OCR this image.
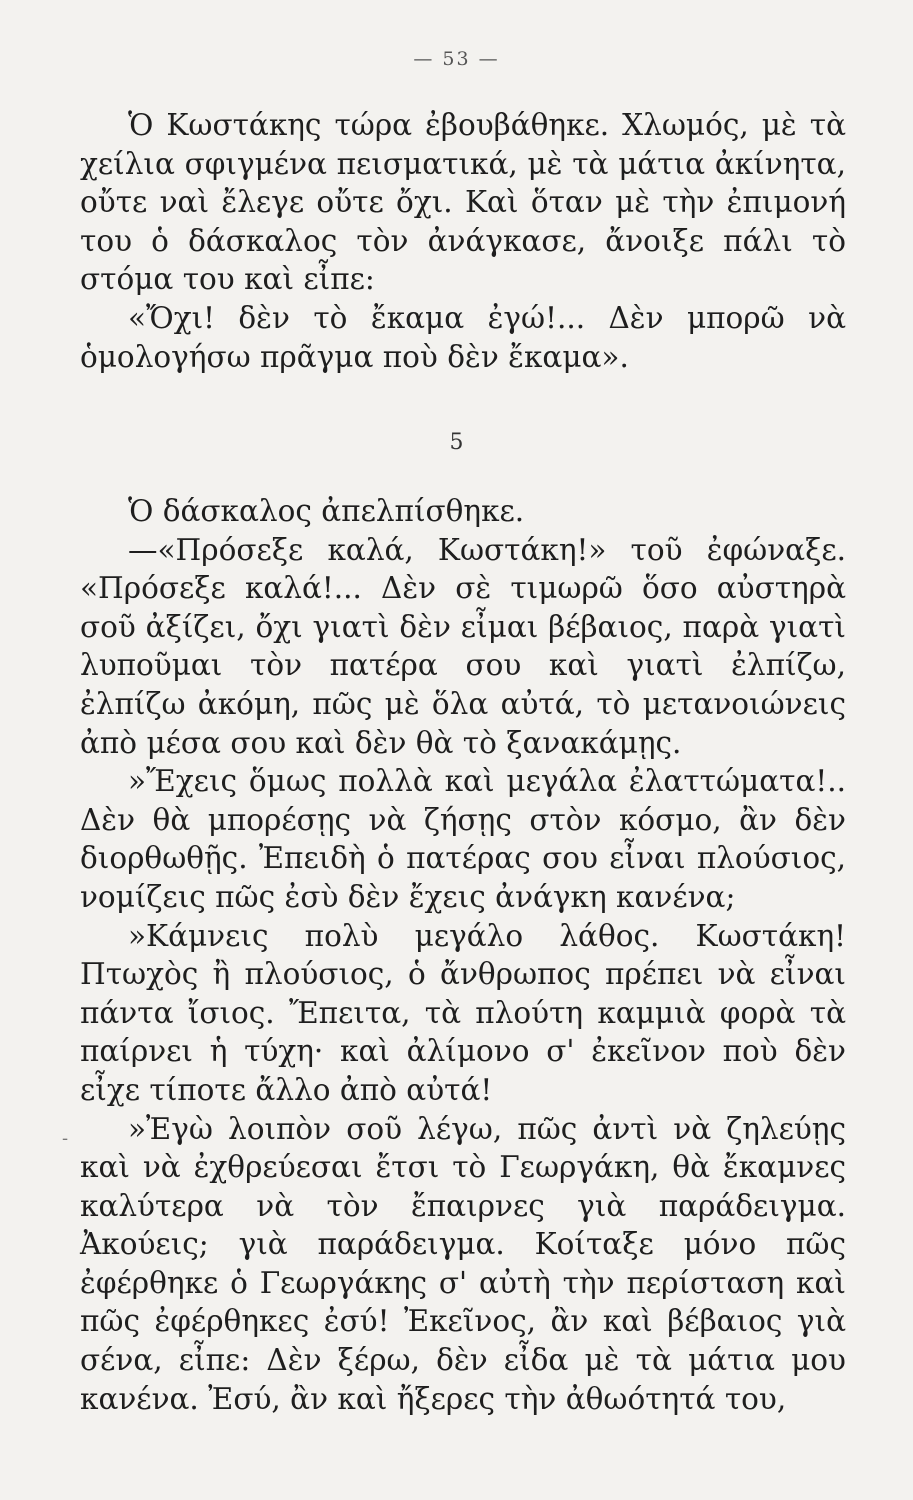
— 53 —

Ὁ Κωστάκης τώρα ἐβουβάθηκε. Χλωμός, μὲ τὰ χείλια σφιγμένα πεισματικά, μὲ τὰ μάτια ἀκίνητα, οὔτε ναὶ ἔλεγε οὔτε ὄχι. Καὶ ὅταν μὲ τὴν ἐπιμονή του ὁ δάσκαλος τὸν ἀνάγκασε, ἄνοιξε πάλι τὸ στόμα του καὶ εἶπε:

«Ὄχι! δὲν τὸ ἔκαμα ἐγώ!... Δὲν μπορῶ νὰ ὁμολογήσω πρᾶγμα ποὺ δὲν ἔκαμα».

5

Ὁ δάσκαλος ἀπελπίσθηκε.

—«Πρόσεξε καλά, Κωστάκη!» τοῦ ἐφώναξε. «Πρόσεξε καλά!... Δὲν σὲ τιμωρῶ ὅσο αὐστηρὰ σοῦ ἀξίζει, ὄχι γιατὶ δὲν εἶμαι βέβαιος, παρὰ γιατὶ λυποῦμαι τὸν πατέρα σου καὶ γιατὶ ἐλπίζω, ἐλπίζω ἀκόμη, πῶς μὲ ὅλα αὐτά, τὸ μετανοιώνεις ἀπὸ μέσα σου καὶ δὲν θὰ τὸ ξανακάμῃς.

»Ἔχεις ὅμως πολλὰ καὶ μεγάλα ἐλαττώματα!.. Δὲν θὰ μπορέσῃς νὰ ζήσῃς στὸν κόσμο, ἂν δὲν διορθωθῇς. Ἐπειδὴ ὁ πατέρας σου εἶναι πλούσιος, νομίζεις πῶς ἐσὺ δὲν ἔχεις ἀνάγκη κανένα;

»Κάμνεις πολὺ μεγάλο λάθος. Κωστάκη! Πτωχὸς ἢ πλούσιος, ὁ ἄνθρωπος πρέπει νὰ εἶναι πάντα ἴσιος. Ἔπειτα, τὰ πλούτη καμμιὰ φορὰ τὰ παίρνει ἡ τύχη· καὶ ἀλίμονο σ' ἐκεῖνον ποὺ δὲν εἶχε τίποτε ἄλλο ἀπὸ αὐτά!

»Ἐγὼ λοιπὸν σοῦ λέγω, πῶς ἀντὶ νὰ ζηλεύῃς καὶ νὰ ἐχθρεύεσαι ἔτσι τὸ Γεωργάκη, θὰ ἔκαμνες καλύτερα νὰ τὸν ἔπαιρνες γιὰ παράδειγμα. Ἀκούεις; γιὰ παράδειγμα. Κοίταξε μόνο πῶς ἐφέρθηκε ὁ Γεωργάκης σ' αὐτὴ τὴν περίσταση καὶ πῶς ἐφέρθηκες ἐσύ! Ἐκεῖνος, ἂν καὶ βέβαιος γιὰ σένα, εἶπε: Δὲν ξέρω, δὲν εἶδα μὲ τὰ μάτια μου κανένα. Ἐσύ, ἂν καὶ ἤξερες τὴν ἀθωότητά του,

-
